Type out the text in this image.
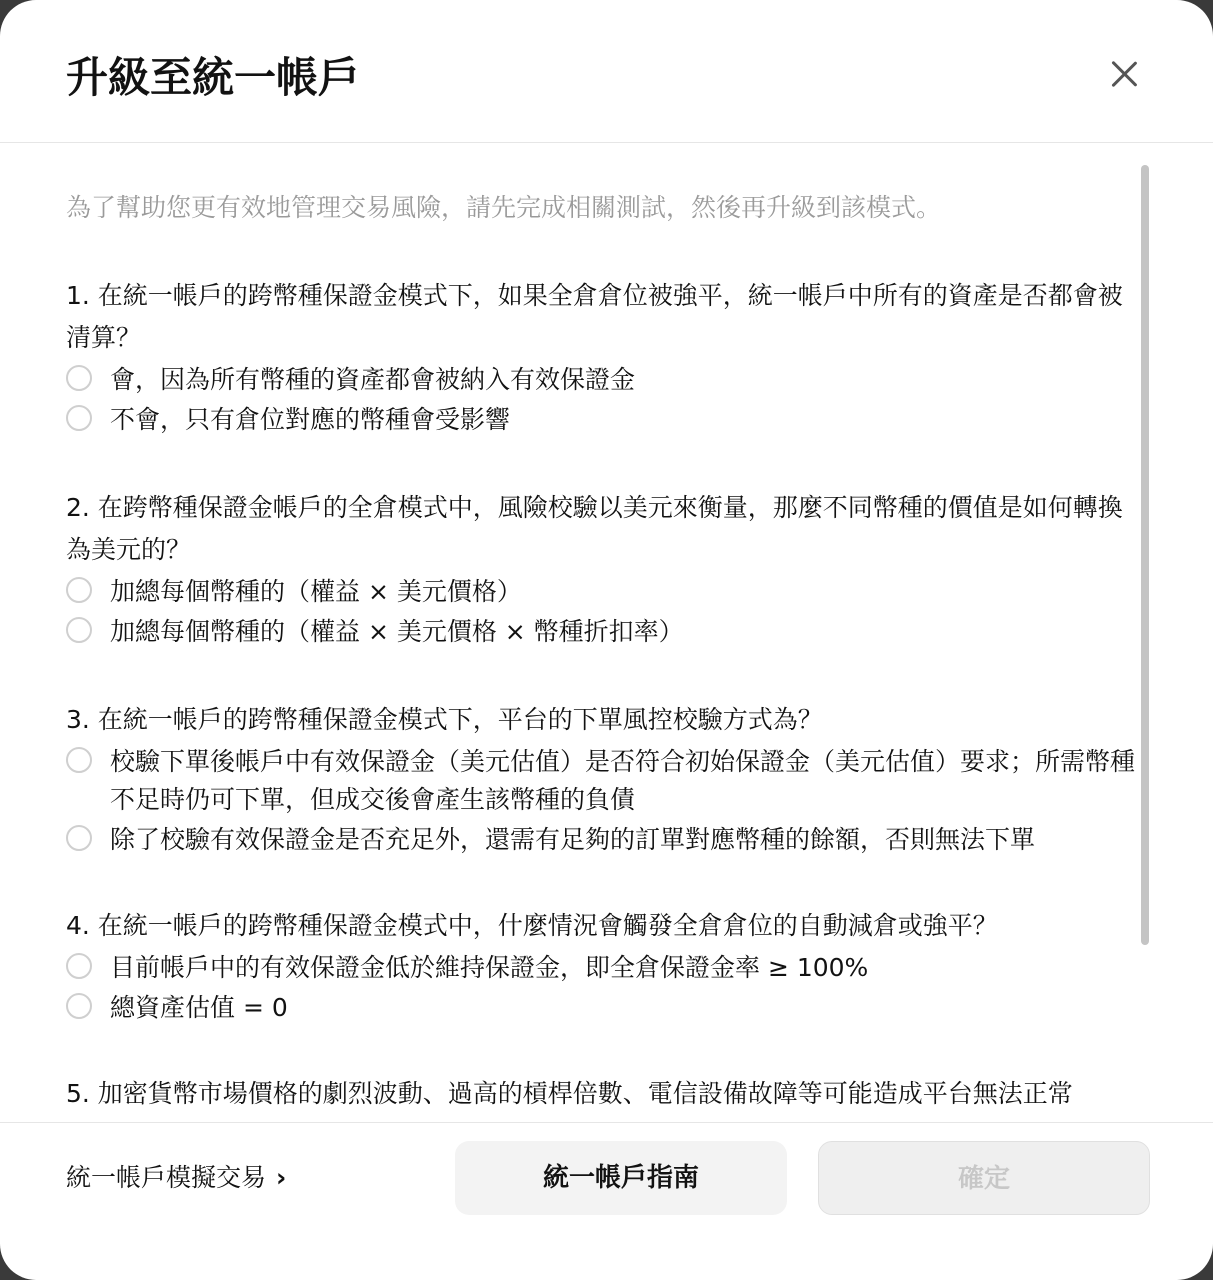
升級至統一帳戶
為了幫助您更有效地管理交易風險，請先完成相關測試，然後再升級到該模式。

1. 在統一帳戶的跨幣種保證金模式下，如果全倉倉位被強平，統一帳戶中所有的資產是否都會被清算？

會，因為所有幣種的資產都會被納入有效保證金
不會，只有倉位對應的幣種會受影響

2. 在跨幣種保證金帳戶的全倉模式中，風險校驗以美元來衡量，那麼不同幣種的價值是如何轉換為美元的？

加總每個幣種的（權益 × 美元價格）
加總每個幣種的（權益 × 美元價格 × 幣種折扣率）

3. 在統一帳戶的跨幣種保證金模式下，平台的下單風控校驗方式為？

校驗下單後帳戶中有效保證金（美元估值）是否符合初始保證金（美元估值）要求；所需幣種不足時仍可下單，但成交後會產生該幣種的負債
除了校驗有效保證金是否充足外，還需有足夠的訂單對應幣種的餘額，否則無法下單

4. 在統一帳戶的跨幣種保證金模式中，什麼情況會觸發全倉倉位的自動減倉或強平？

目前帳戶中的有效保證金低於維持保證金，即全倉保證金率 ≥ 100%
總資產估值 = 0

5. 加密貨幣市場價格的劇烈波動、過高的槓桿倍數、電信設備故障等可能造成平台無法正常

統一帳戶模擬交易 ›	統一帳戶指南	確定
